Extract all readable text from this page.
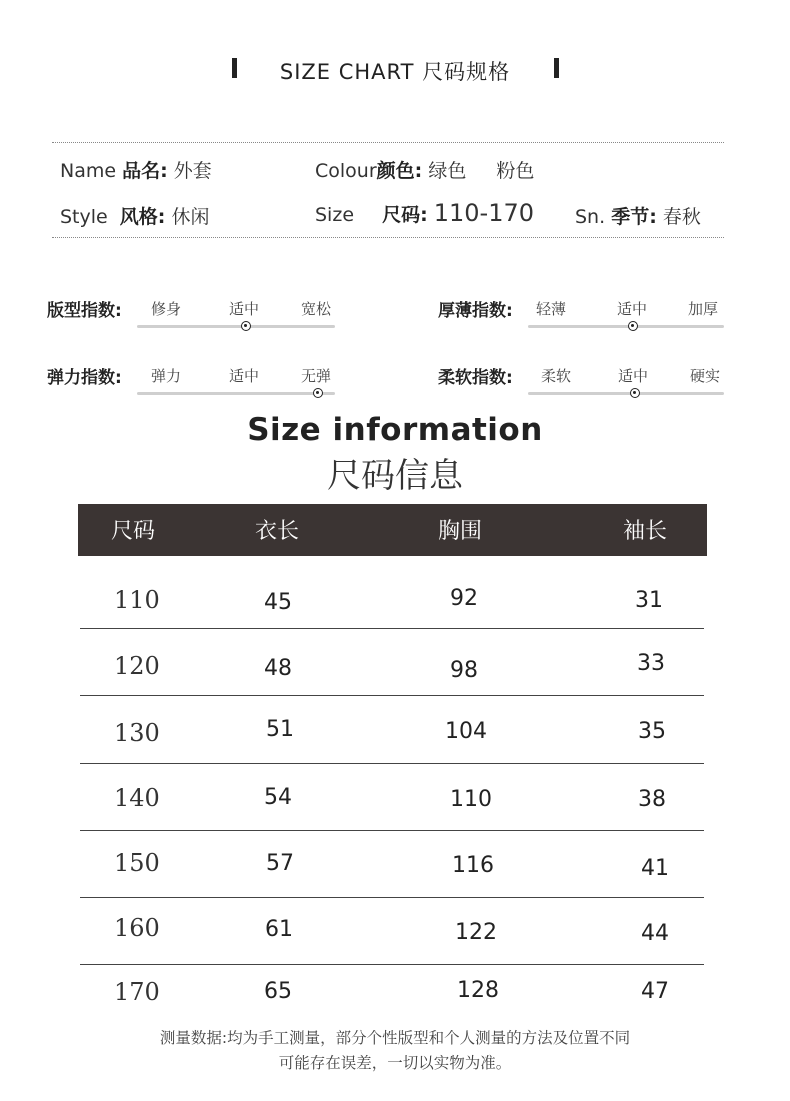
SIZE CHART 尺码规格
Name 品名: 外套	Colour颜色: 绿色 粉色
Style 风格: 休闲	Size 尺码: 110-170 Sn. 季节: 春秋
版型指数: 修身	适中	宽松
弹力指数: 弹力	适中	无弹
厚薄指数: 轻薄	适中	加厚
柔软指数: 柔软	适中	硬实
Size information
尺码信息
尺码	衣长	胸围	袖长
110	45	92	31
120	48	98	33
130	51	104	35
140	54	110	38
150	57	116	41
160	61	122	44
170	65	128	47
测量数据:均为手工测量，部分个性版型和个人测量的方法及位置不同
可能存在误差，一切以实物为准。
